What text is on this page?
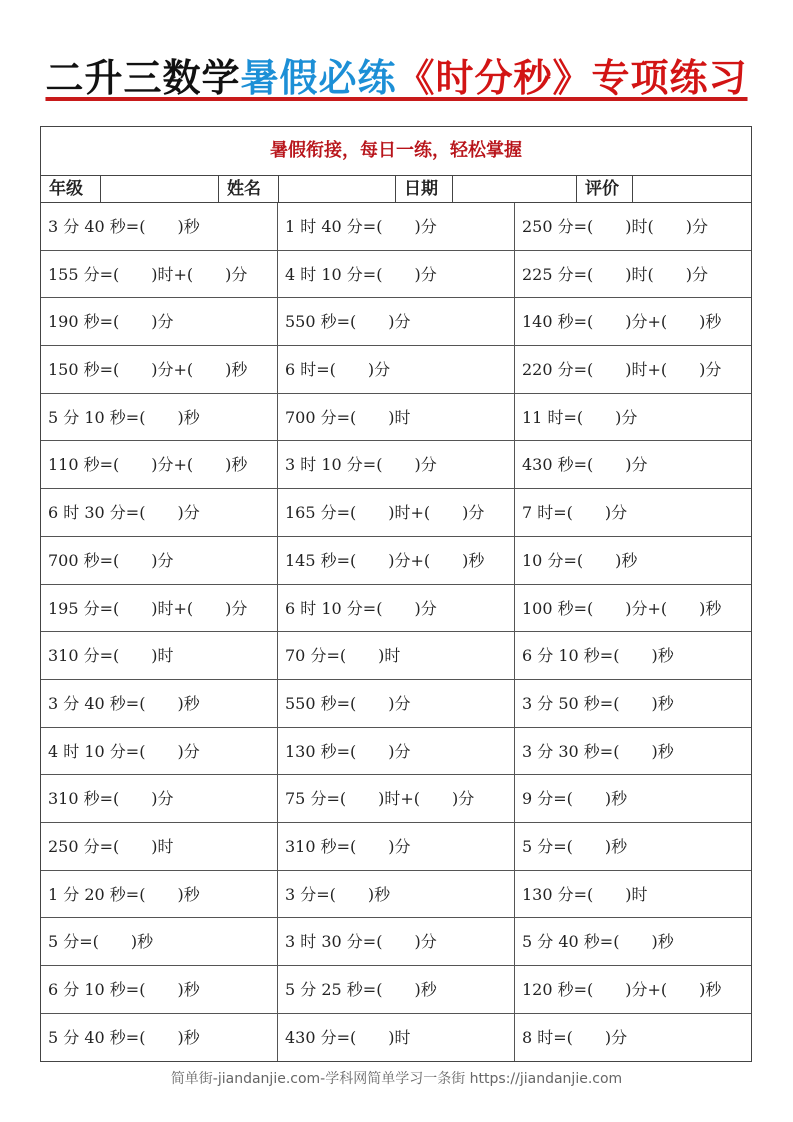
二升三数学暑假必练《时分秒》专项练习
暑假衔接，每日一练，轻松掌握
年级	姓名	日期	评价
3 分 40 秒=(　　)秒	1 时 40 分=(　　)分	250 分=(　　)时(　　)分
155 分=(　　)时+(　　)分	4 时 10 分=(　　)分	225 分=(　　)时(　　)分
190 秒=(　　)分	550 秒=(　　)分	140 秒=(　　)分+(　　)秒
150 秒=(　　)分+(　　)秒	6 时=(　　)分	220 分=(　　)时+(　　)分
5 分 10 秒=(　　)秒	700 分=(　　)时	11 时=(　　)分
110 秒=(　　)分+(　　)秒	3 时 10 分=(　　)分	430 秒=(　　)分
6 时 30 分=(　　)分	165 分=(　　)时+(　　)分	7 时=(　　)分
700 秒=(　　)分	145 秒=(　　)分+(　　)秒	10 分=(　　)秒
195 分=(　　)时+(　　)分	6 时 10 分=(　　)分	100 秒=(　　)分+(　　)秒
310 分=(　　)时	70 分=(　　)时	6 分 10 秒=(　　)秒
3 分 40 秒=(　　)秒	550 秒=(　　)分	3 分 50 秒=(　　)秒
4 时 10 分=(　　)分	130 秒=(　　)分	3 分 30 秒=(　　)秒
310 秒=(　　)分	75 分=(　　)时+(　　)分	9 分=(　　)秒
250 分=(　　)时	310 秒=(　　)分	5 分=(　　)秒
1 分 20 秒=(　　)秒	3 分=(　　)秒	130 分=(　　)时
5 分=(　　)秒	3 时 30 分=(　　)分	5 分 40 秒=(　　)秒
6 分 10 秒=(　　)秒	5 分 25 秒=(　　)秒	120 秒=(　　)分+(　　)秒
5 分 40 秒=(　　)秒	430 分=(　　)时	8 时=(　　)分
简单街-jiandanjie.com-学科网简单学习一条街 https://jiandanjie.com
